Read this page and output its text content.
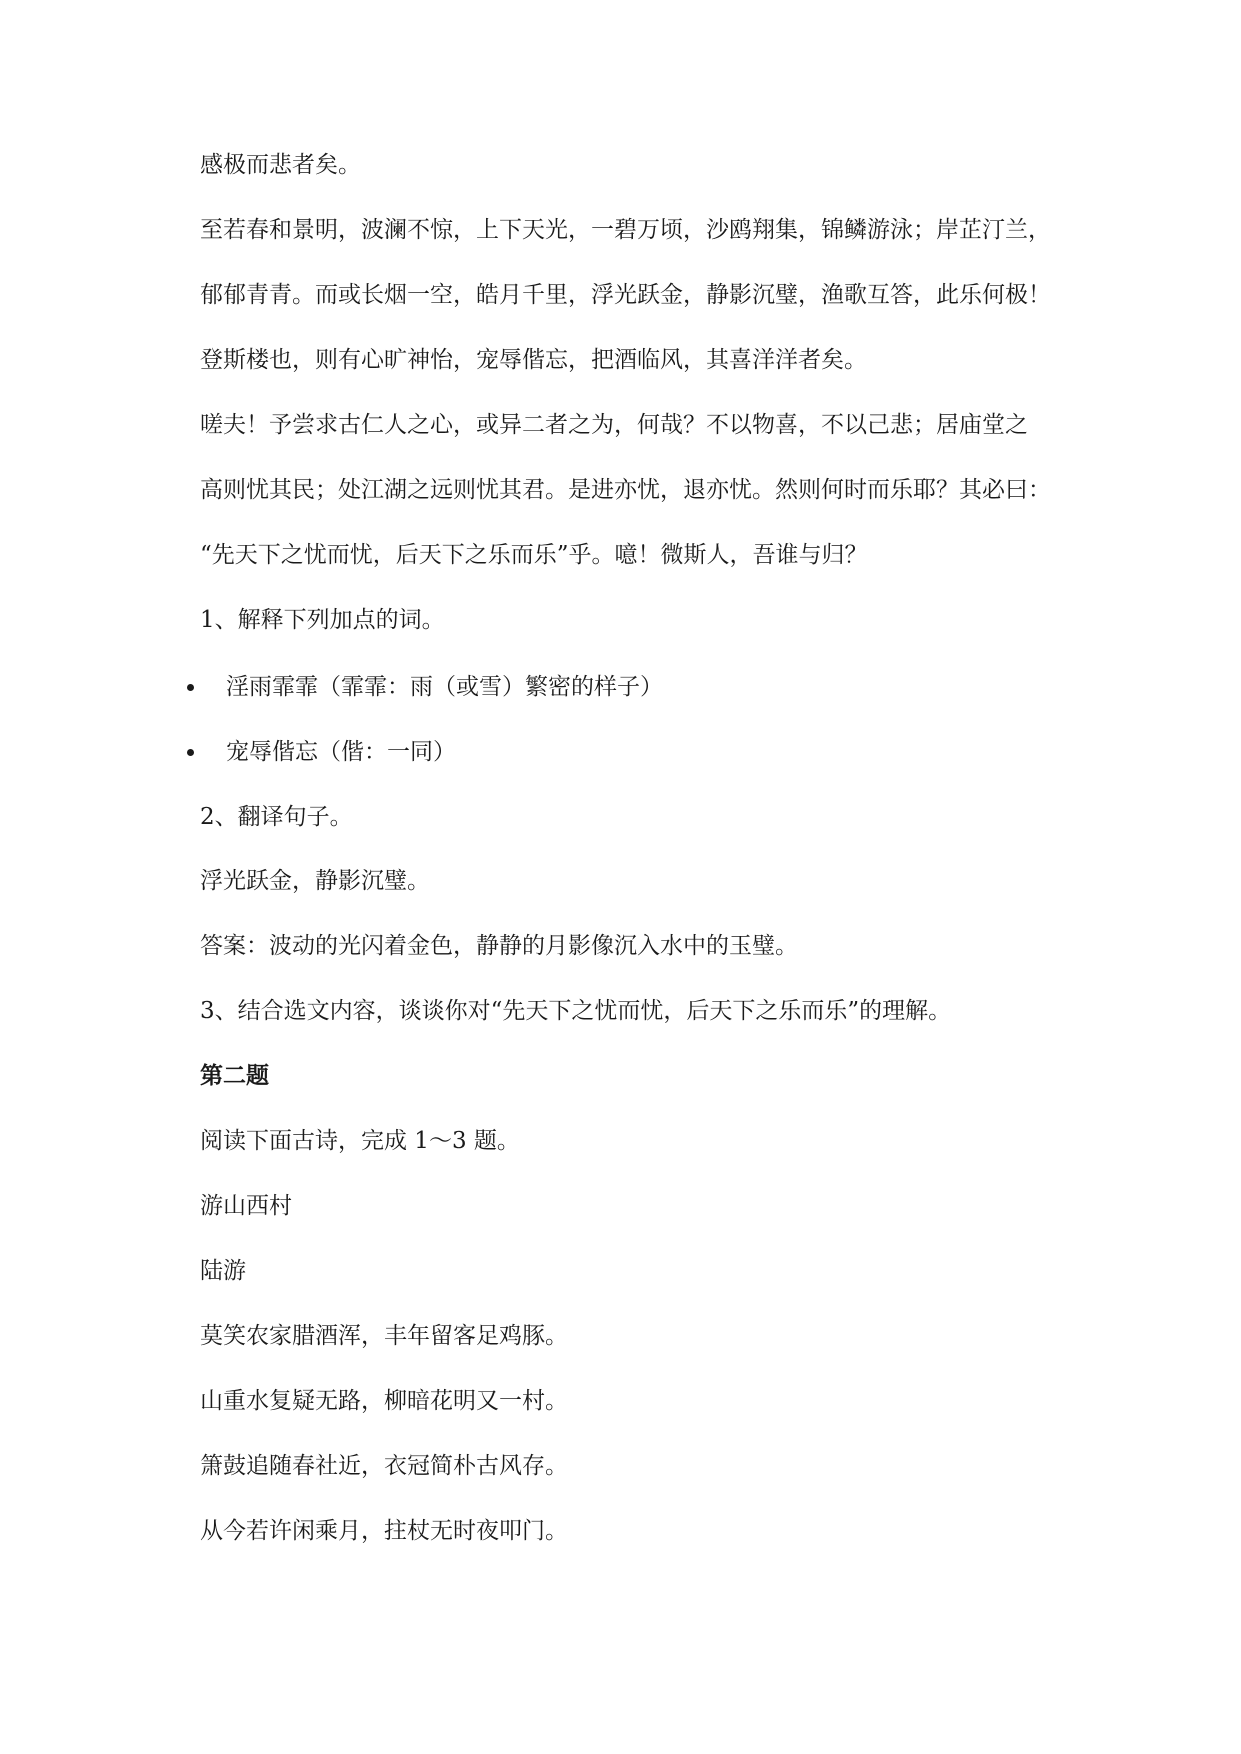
感极而悲者矣。
至若春和景明，波澜不惊，上下天光，一碧万顷，沙鸥翔集，锦鳞游泳；岸芷汀兰，
郁郁青青。而或长烟一空，皓月千里，浮光跃金，静影沉璧，渔歌互答，此乐何极！
登斯楼也，则有心旷神怡，宠辱偕忘，把酒临风，其喜洋洋者矣。
嗟夫！予尝求古仁人之心，或异二者之为，何哉？不以物喜，不以己悲；居庙堂之
高则忧其民；处江湖之远则忧其君。是进亦忧，退亦忧。然则何时而乐耶？其必曰：
“先天下之忧而忧，后天下之乐而乐”乎。噫！微斯人，吾谁与归？
1、解释下列加点的词。
淫雨霏霏（霏霏：雨（或雪）繁密的样子）
宠辱偕忘（偕：一同）
2、翻译句子。
浮光跃金，静影沉璧。
答案：波动的光闪着金色，静静的月影像沉入水中的玉璧。
3、结合选文内容，谈谈你对“先天下之忧而忧，后天下之乐而乐”的理解。
第二题
阅读下面古诗，完成 1～3 题。
游山西村
陆游
莫笑农家腊酒浑，丰年留客足鸡豚。
山重水复疑无路，柳暗花明又一村。
箫鼓追随春社近，衣冠简朴古风存。
从今若许闲乘月，拄杖无时夜叩门。
